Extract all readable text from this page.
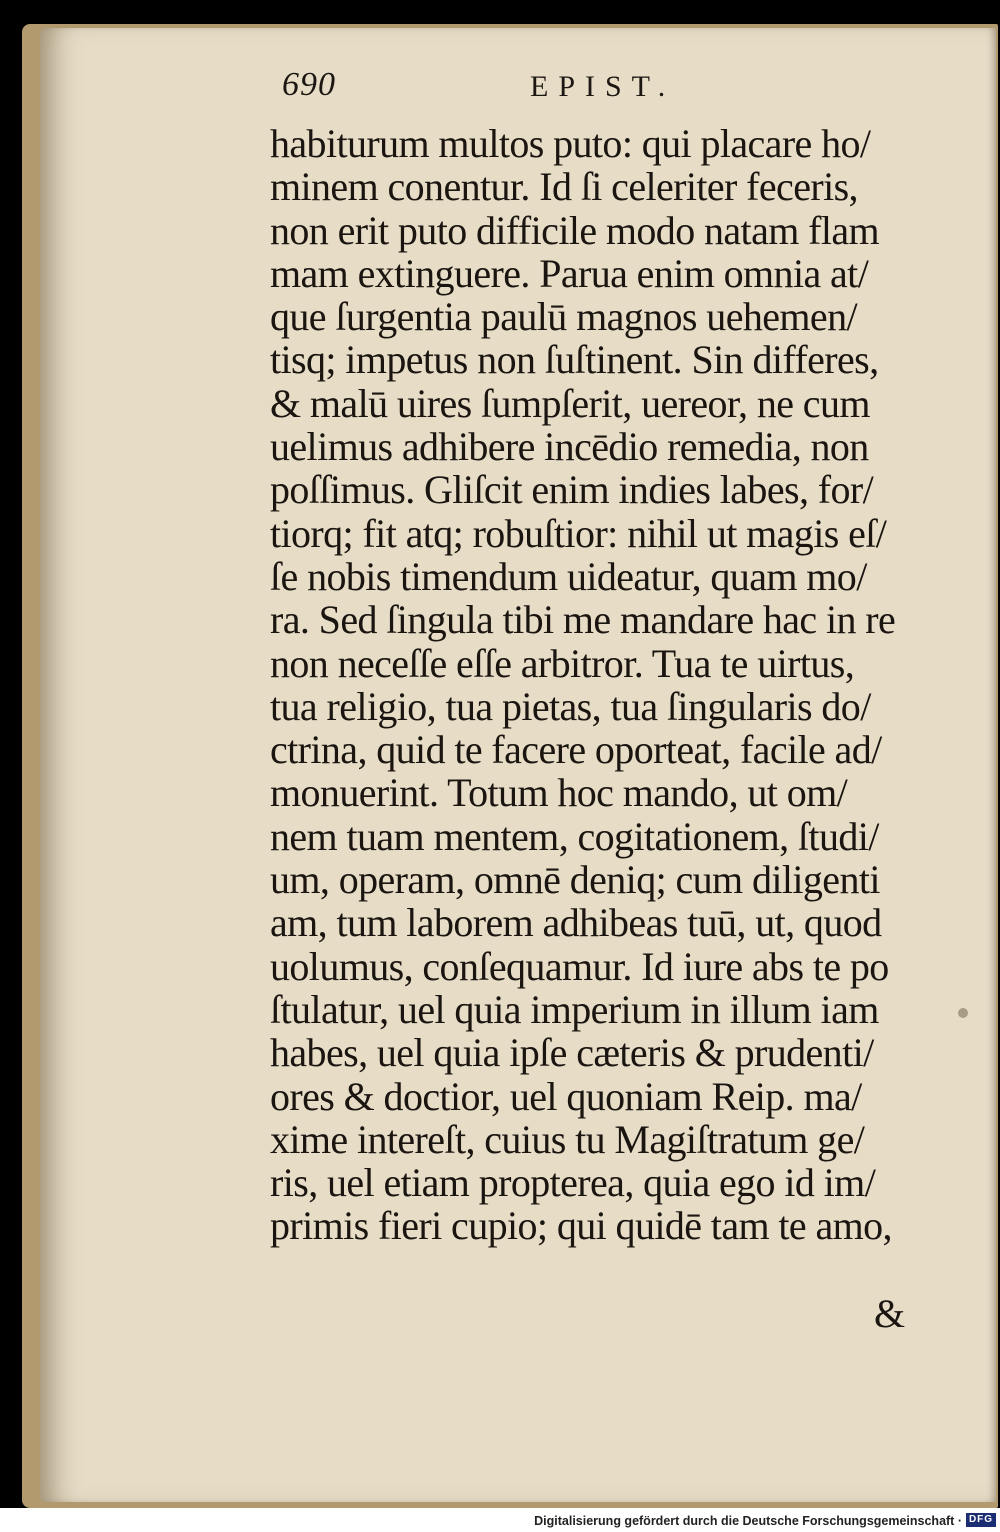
690	EPIST.
habiturum multos puto: qui placare ho/
minem conentur. Id ſi celeriter feceris,
non erit puto difficile modo natam flam
mam extinguere. Parua enim omnia at/
que ſurgentia paulū magnos uehemen/
tisq; impetus non ſuſtinent. Sin differes,
& malū uires ſumpſerit, uereor, ne cum
uelimus adhibere incēdio remedia, non
poſſimus. Gliſcit enim indies labes, for/
tiorq; fit atq; robuſtior: nihil ut magis eſ/
ſe nobis timendum uideatur, quam mo/
ra. Sed ſingula tibi me mandare hac in re
non neceſſe eſſe arbitror. Tua te uirtus,
tua religio, tua pietas, tua ſingularis do/
ctrina, quid te facere oporteat, facile ad/
monuerint. Totum hoc mando, ut om/
nem tuam mentem, cogitationem, ſtudi/
um, operam, omnē deniq; cum diligenti
am, tum laborem adhibeas tuū, ut, quod
uolumus, conſequamur. Id iure abs te po
ſtulatur, uel quia imperium in illum iam
habes, uel quia ipſe cæteris & prudenti/
ores & doctior, uel quoniam Reip. ma/
xime intereſt, cuius tu Magiſtratum ge/
ris, uel etiam propterea, quia ego id im/
primis fieri cupio; qui quidē tam te amo,
&
Digitalisierung gefördert durch die Deutsche Forschungsgemeinschaft · DFG
